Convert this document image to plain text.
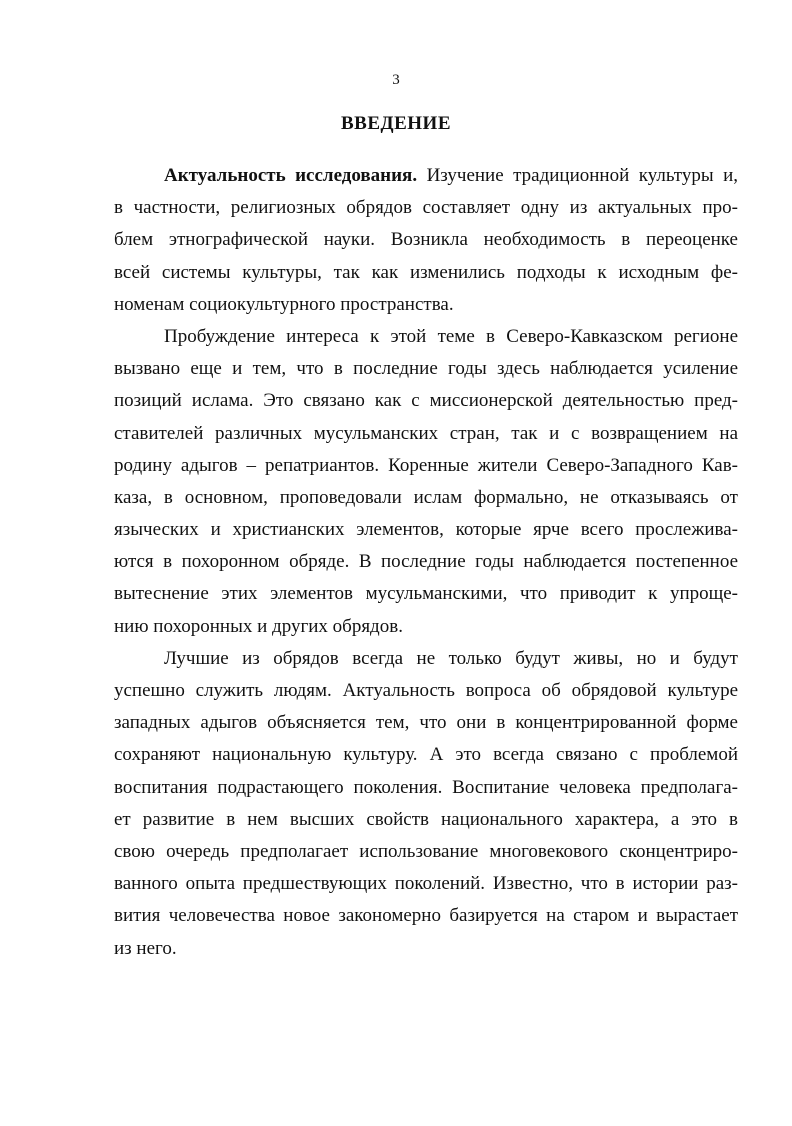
3
ВВЕДЕНИЕ
Актуальность исследования. Изучение традиционной культуры и,
в частности, религиозных обрядов составляет одну из актуальных про-
блем этнографической науки. Возникла необходимость в переоценке
всей системы культуры, так как изменились подходы к исходным фе-
номенам социокультурного пространства.
Пробуждение интереса к этой теме в Северо-Кавказском регионе
вызвано еще и тем, что в последние годы здесь наблюдается усиление
позиций ислама. Это связано как с миссионерской деятельностью пред-
ставителей различных мусульманских стран, так и с возвращением на
родину адыгов – репатриантов. Коренные жители Северо-Западного Кав-
каза, в основном, проповедовали ислам формально, не отказываясь от
языческих и христианских элементов, которые ярче всего прослежива-
ются в похоронном обряде. В последние годы наблюдается постепенное
вытеснение этих элементов мусульманскими, что приводит к упроще-
нию похоронных и других обрядов.
Лучшие из обрядов всегда не только будут живы, но и будут
успешно служить людям. Актуальность вопроса об обрядовой культуре
западных адыгов объясняется тем, что они в концентрированной форме
сохраняют национальную культуру. А это всегда связано с проблемой
воспитания подрастающего поколения. Воспитание человека предполага-
ет развитие в нем высших свойств национального характера, а это в
свою очередь предполагает использование многовекового сконцентриро-
ванного опыта предшествующих поколений. Известно, что в истории раз-
вития человечества новое закономерно базируется на старом и вырастает
из него.
